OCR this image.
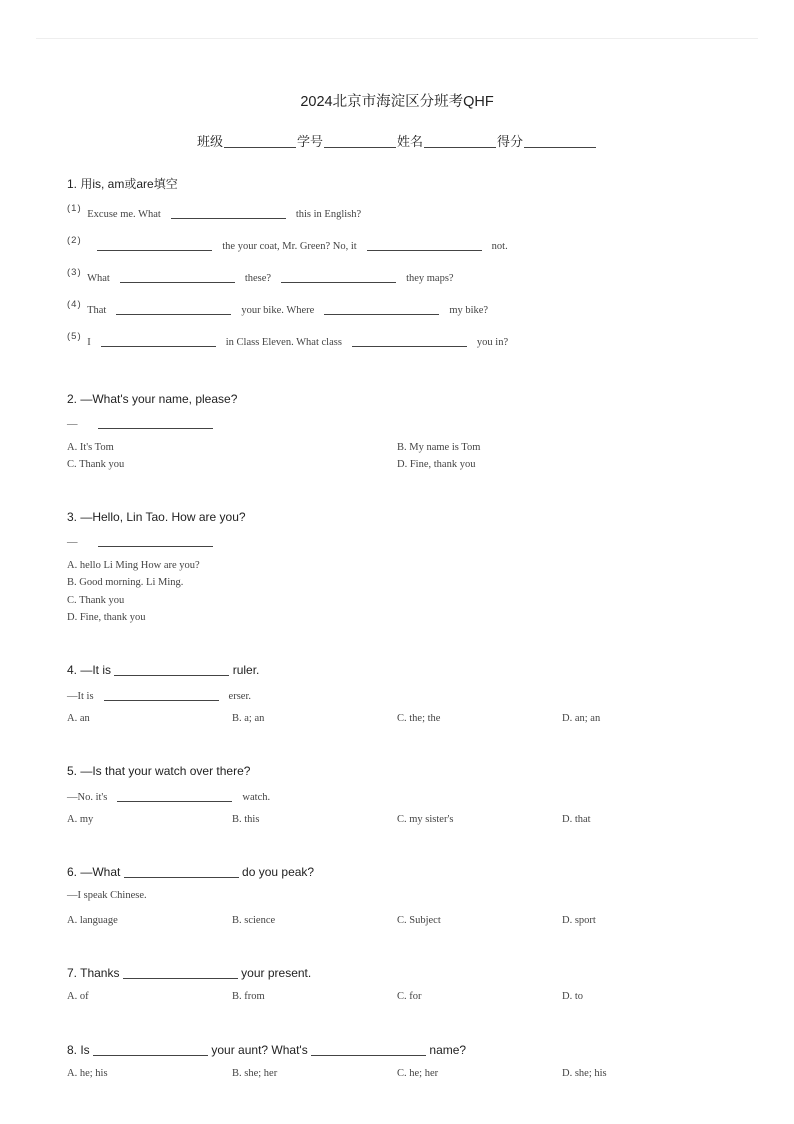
2024北京市海淀区分班考QHF
班级	学号	姓名	得分
1. 用is, am或are填空
(1) Excuse me. What	this in English?
(2) the your coat, Mr. Green? No, it	not.
(3) What	these?	they maps?
(4) That	your bike. Where	my bike?
(5) I	in Class Eleven. What class	you in?
2. —What's your name, please?
—
A. It's Tom	B. My name is Tom
C. Thank you	D. Fine, thank you
3. —Hello, Lin Tao. How are you?
—
A. hello Li Ming How are you?
B. Good morning. Li Ming.
C. Thank you
D. Fine, thank you
4. —It is	ruler.
—It is	erser.
A. an	B. a; an	C. the; the	D. an; an
5. —Is that your watch over there?
—No. it's	watch.
A. my	B. this	C. my sister's	D. that
6. —What	do you peak?
—I speak Chinese.
A. language	B. science	C. Subject	D. sport
7. Thanks	your present.
A. of	B. from	C. for	D. to
8. Is	your aunt? What's	name?
A. he; his	B. she; her	C. he; her	D. she; his
